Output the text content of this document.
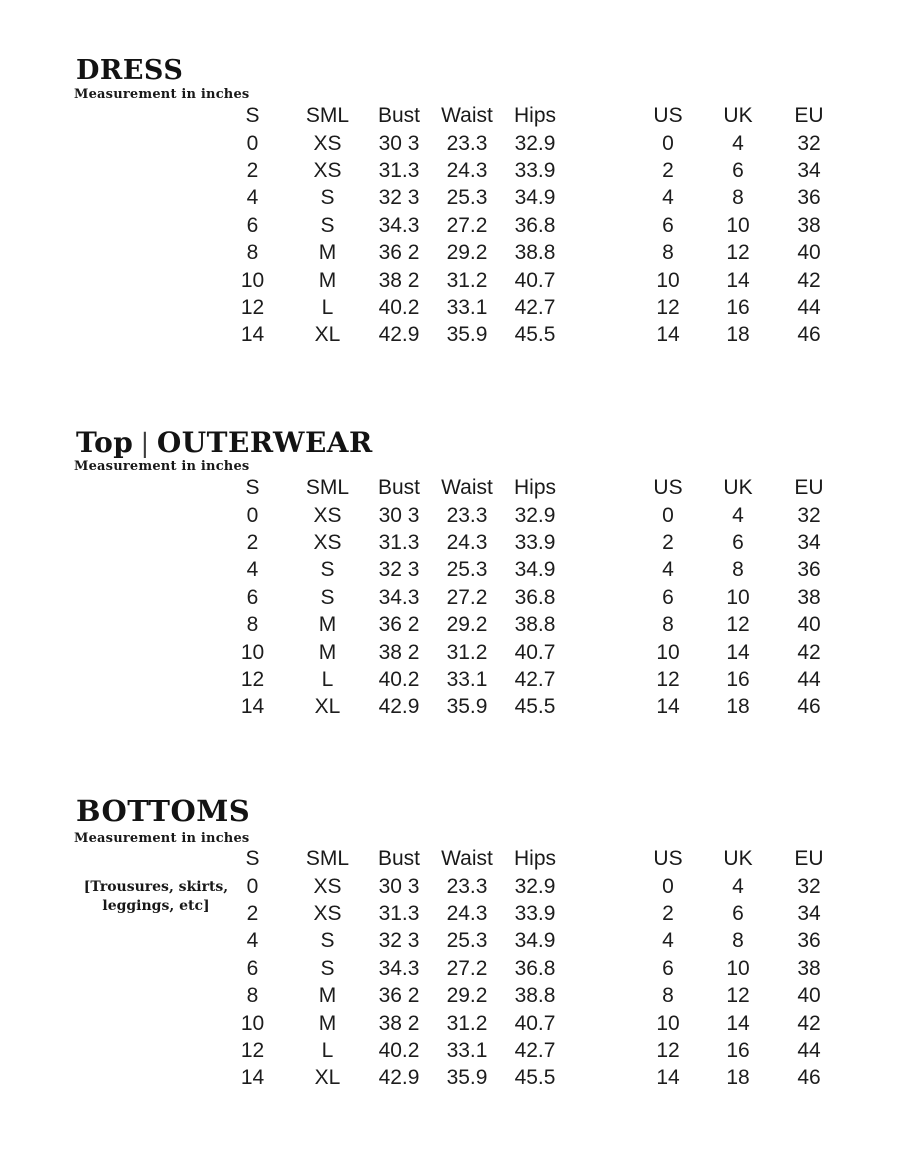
DRESS

Measurement in inches

S	SML	Bust	Waist	Hips	US	UK	EU
0	XS	30 3	23.3	32.9	0	4	32
2	XS	31.3	24.3	33.9	2	6	34
4	S	32 3	25.3	34.9	4	8	36
6	S	34.3	27.2	36.8	6	10	38
8	M	36 2	29.2	38.8	8	12	40
10	M	38 2	31.2	40.7	10	14	42
12	L	40.2	33.1	42.7	12	16	44
14	XL	42.9	35.9	45.5	14	18	46
Top | OUTERWEAR

Measurement in inches

S	SML	Bust	Waist	Hips	US	UK	EU
0	XS	30 3	23.3	32.9	0	4	32
2	XS	31.3	24.3	33.9	2	6	34
4	S	32 3	25.3	34.9	4	8	36
6	S	34.3	27.2	36.8	6	10	38
8	M	36 2	29.2	38.8	8	12	40
10	M	38 2	31.2	40.7	10	14	42
12	L	40.2	33.1	42.7	12	16	44
14	XL	42.9	35.9	45.5	14	18	46
BOTTOMS

Measurement in inches

[Trousures, skirts, leggings, etc]
S	SML	Bust	Waist	Hips	US	UK	EU
0	XS	30 3	23.3	32.9	0	4	32
2	XS	31.3	24.3	33.9	2	6	34
4	S	32 3	25.3	34.9	4	8	36
6	S	34.3	27.2	36.8	6	10	38
8	M	36 2	29.2	38.8	8	12	40
10	M	38 2	31.2	40.7	10	14	42
12	L	40.2	33.1	42.7	12	16	44
14	XL	42.9	35.9	45.5	14	18	46
